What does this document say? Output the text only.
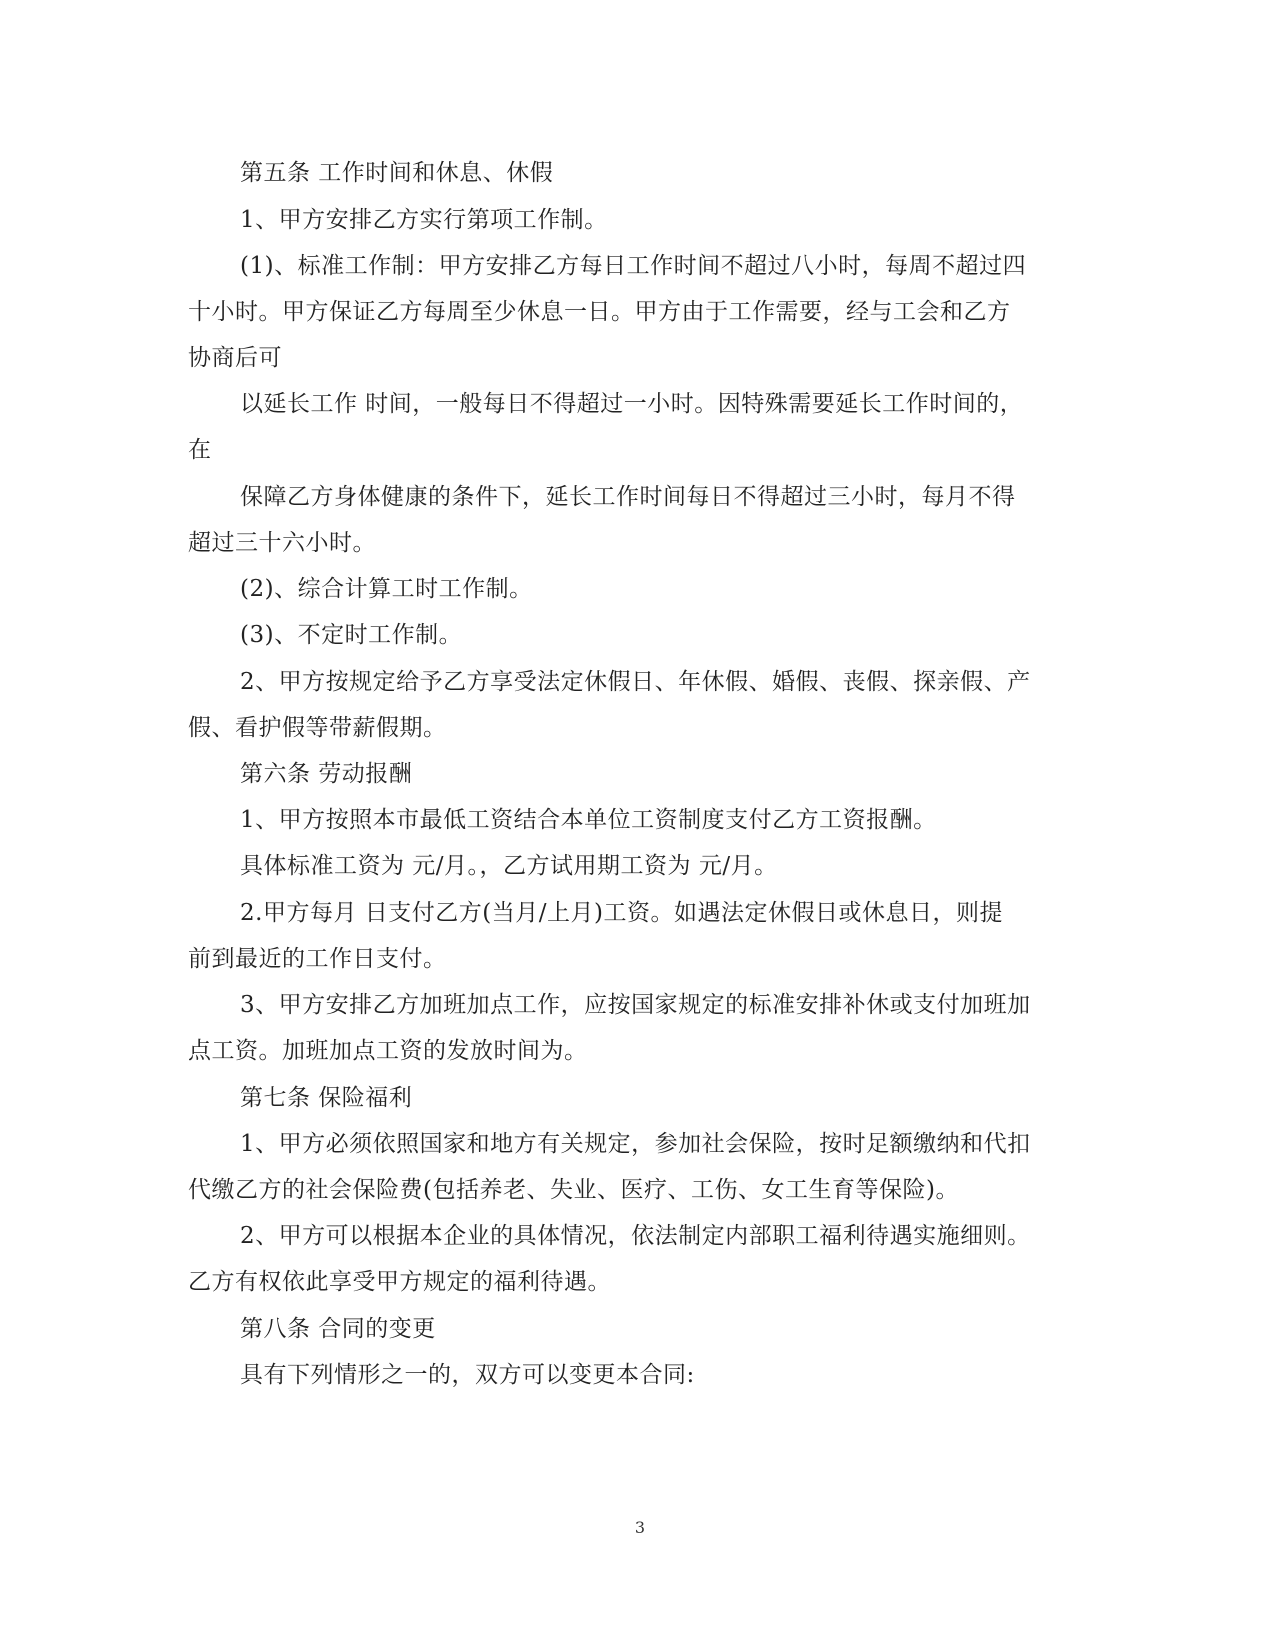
第五条 工作时间和休息、休假
1、甲方安排乙方实行第项工作制。
(1)、标准工作制：甲方安排乙方每日工作时间不超过八小时，每周不超过四
十小时。甲方保证乙方每周至少休息一日。甲方由于工作需要，经与工会和乙方
协商后可
以延长工作 时间，一般每日不得超过一小时。因特殊需要延长工作时间的，
在
保障乙方身体健康的条件下，延长工作时间每日不得超过三小时，每月不得
超过三十六小时。
(2)、综合计算工时工作制。
(3)、不定时工作制。
2、甲方按规定给予乙方享受法定休假日、年休假、婚假、丧假、探亲假、产
假、看护假等带薪假期。
第六条 劳动报酬
1、甲方按照本市最低工资结合本单位工资制度支付乙方工资报酬。
具体标准工资为 元/月。，乙方试用期工资为 元/月。
2.甲方每月 日支付乙方(当月/上月)工资。如遇法定休假日或休息日，则提
前到最近的工作日支付。
3、甲方安排乙方加班加点工作，应按国家规定的标准安排补休或支付加班加
点工资。加班加点工资的发放时间为。
第七条 保险福利
1、甲方必须依照国家和地方有关规定，参加社会保险，按时足额缴纳和代扣
代缴乙方的社会保险费(包括养老、失业、医疗、工伤、女工生育等保险)。
2、甲方可以根据本企业的具体情况，依法制定内部职工福利待遇实施细则。
乙方有权依此享受甲方规定的福利待遇。
第八条 合同的变更
具有下列情形之一的，双方可以变更本合同:
3
